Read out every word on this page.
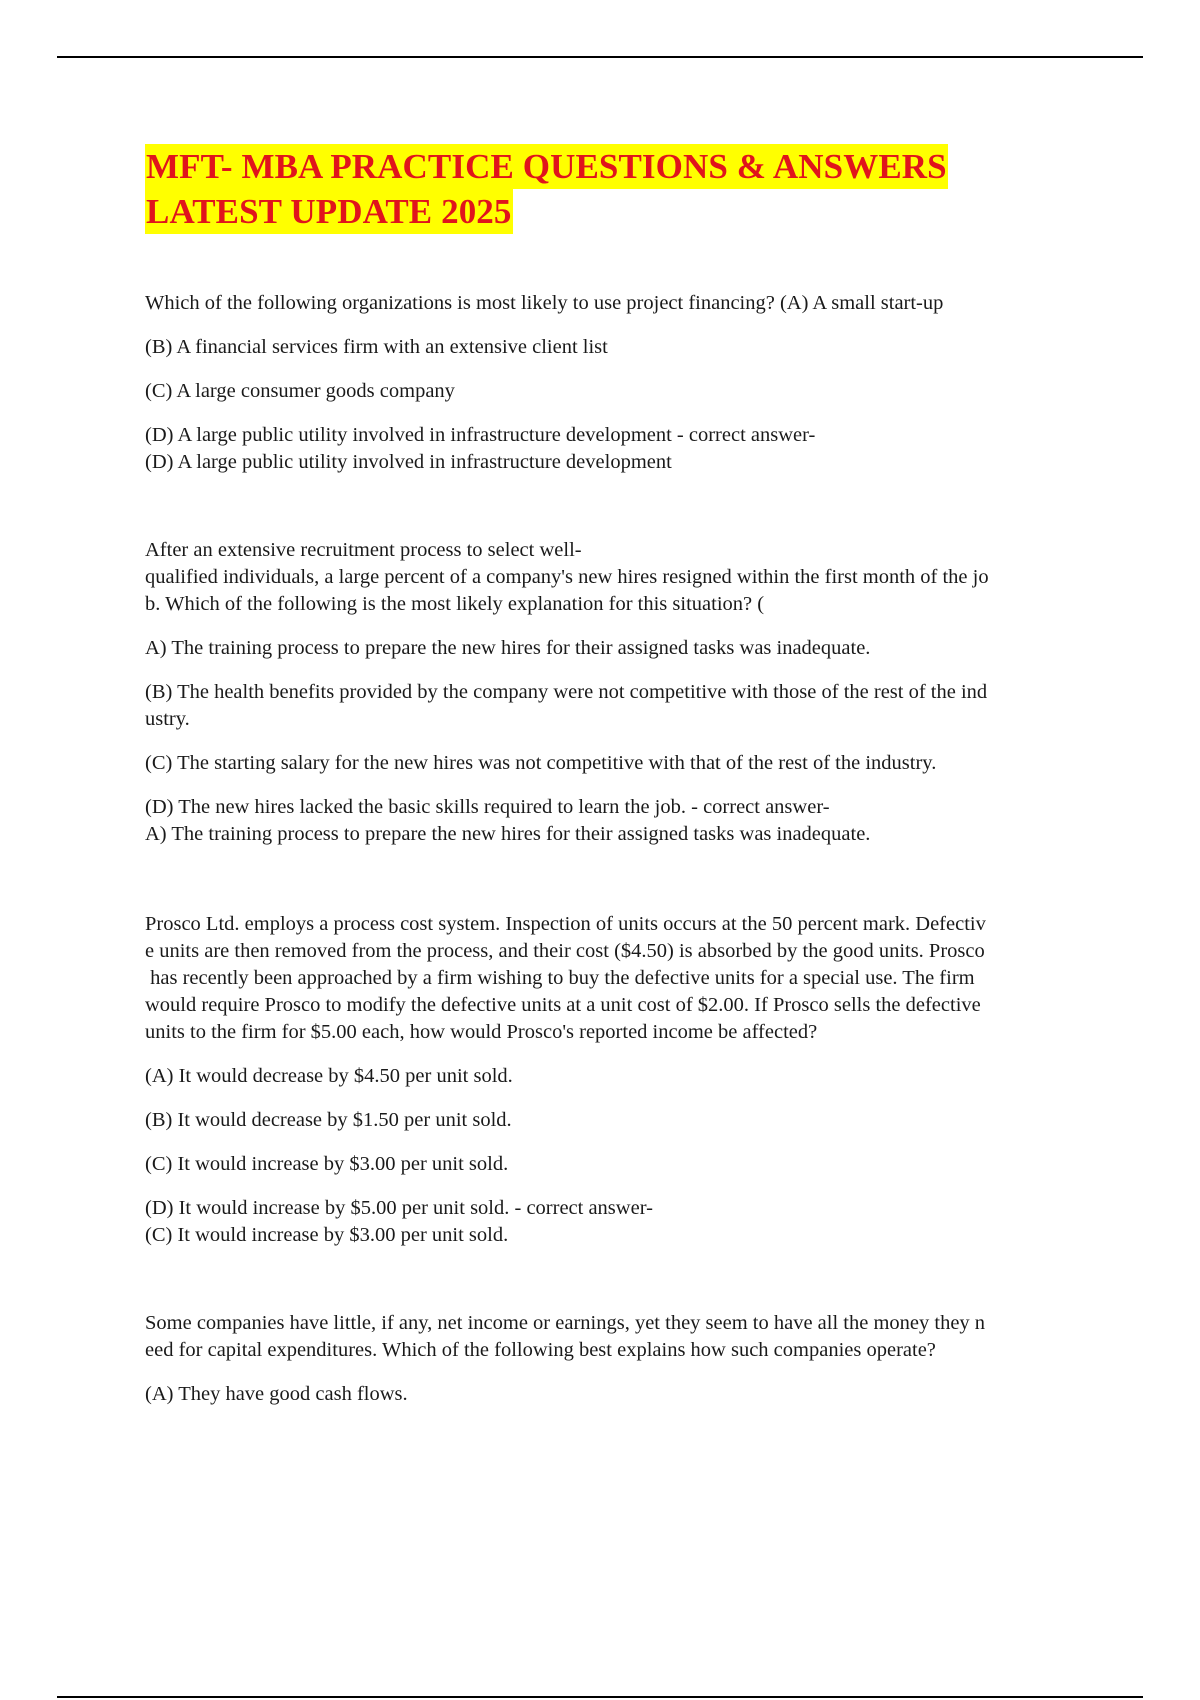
MFT- MBA PRACTICE QUESTIONS & ANSWERS
LATEST UPDATE 2025

Which of the following organizations is most likely to use project financing? (A) A small start-up

(B) A financial services firm with an extensive client list

(C) A large consumer goods company

(D) A large public utility involved in infrastructure development - correct answer-

(D) A large public utility involved in infrastructure development

After an extensive recruitment process to select well-

qualified individuals, a large percent of a company's new hires resigned within the first month of the jo

b. Which of the following is the most likely explanation for this situation? (

A) The training process to prepare the new hires for their assigned tasks was inadequate.

(B) The health benefits provided by the company were not competitive with those of the rest of the ind

ustry.

(C) The starting salary for the new hires was not competitive with that of the rest of the industry.

(D) The new hires lacked the basic skills required to learn the job. - correct answer-

A) The training process to prepare the new hires for their assigned tasks was inadequate.

Prosco Ltd. employs a process cost system. Inspection of units occurs at the 50 percent mark. Defectiv

e units are then removed from the process, and their cost ($4.50) is absorbed by the good units. Prosco

has recently been approached by a firm wishing to buy the defective units for a special use. The firm

would require Prosco to modify the defective units at a unit cost of $2.00. If Prosco sells the defective

units to the firm for $5.00 each, how would Prosco's reported income be affected?

(A) It would decrease by $4.50 per unit sold.

(B) It would decrease by $1.50 per unit sold.

(C) It would increase by $3.00 per unit sold.

(D) It would increase by $5.00 per unit sold. - correct answer-

(C) It would increase by $3.00 per unit sold.

Some companies have little, if any, net income or earnings, yet they seem to have all the money they n

eed for capital expenditures. Which of the following best explains how such companies operate?

(A) They have good cash flows.
